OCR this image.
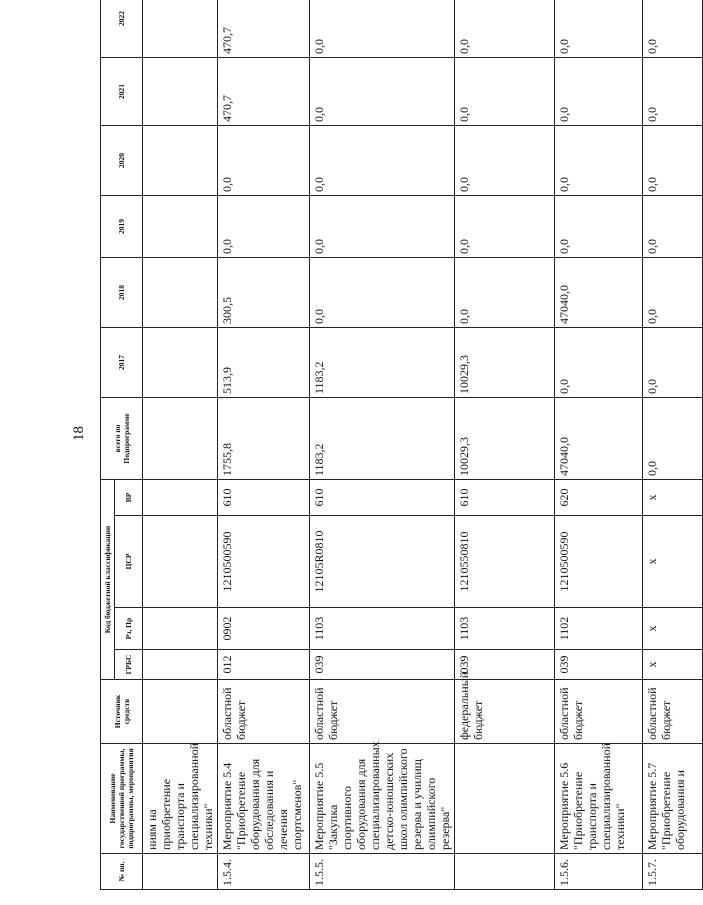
18
№ пп.	Наименование государственной программы, подпрограммы, мероприятия	Источник средств	Код бюджетной классификации				всего по Подпрограмме	2017	2018	2019	2020	2021	2022
			ГРБС	Рз, Пр	ЦСР	ВР							
	ниям на приобретение транспорта и специализированной техники"												
1.5.4.	Мероприятие 5.4 "Приобретение оборудования для обследования и лечения спортсменов"	областной бюджет	012	0902	1210500590	610	1755,8	513,9	300,5	0,0	0,0	470,7	470,7
1.5.5.	Мероприятие 5.5 "Закупка спортивного оборудования для специализированных детско-юношеских школ олимпийского резерва и училищ олимпийского резерва"	областной бюджет	039	1103	12105R0810	610	1183,2	1183,2	0,0	0,0	0,0	0,0	0,0
		федеральный бюджет	039	1103	1210550810	610	10029,3	10029,3	0,0	0,0	0,0	0,0	0,0
1.5.6.	Мероприятие 5.6 "Приобретение транспорта и специализированной техники"	областной бюджет	039	1102	1210500590	620	47040,0	0,0	47040,0	0,0	0,0	0,0	0,0
1.5.7.	Мероприятие 5.7 "Приобретение оборудования и	областной бюджет	x	x	x	x	0,0	0,0	0,0	0,0	0,0	0,0	0,0
